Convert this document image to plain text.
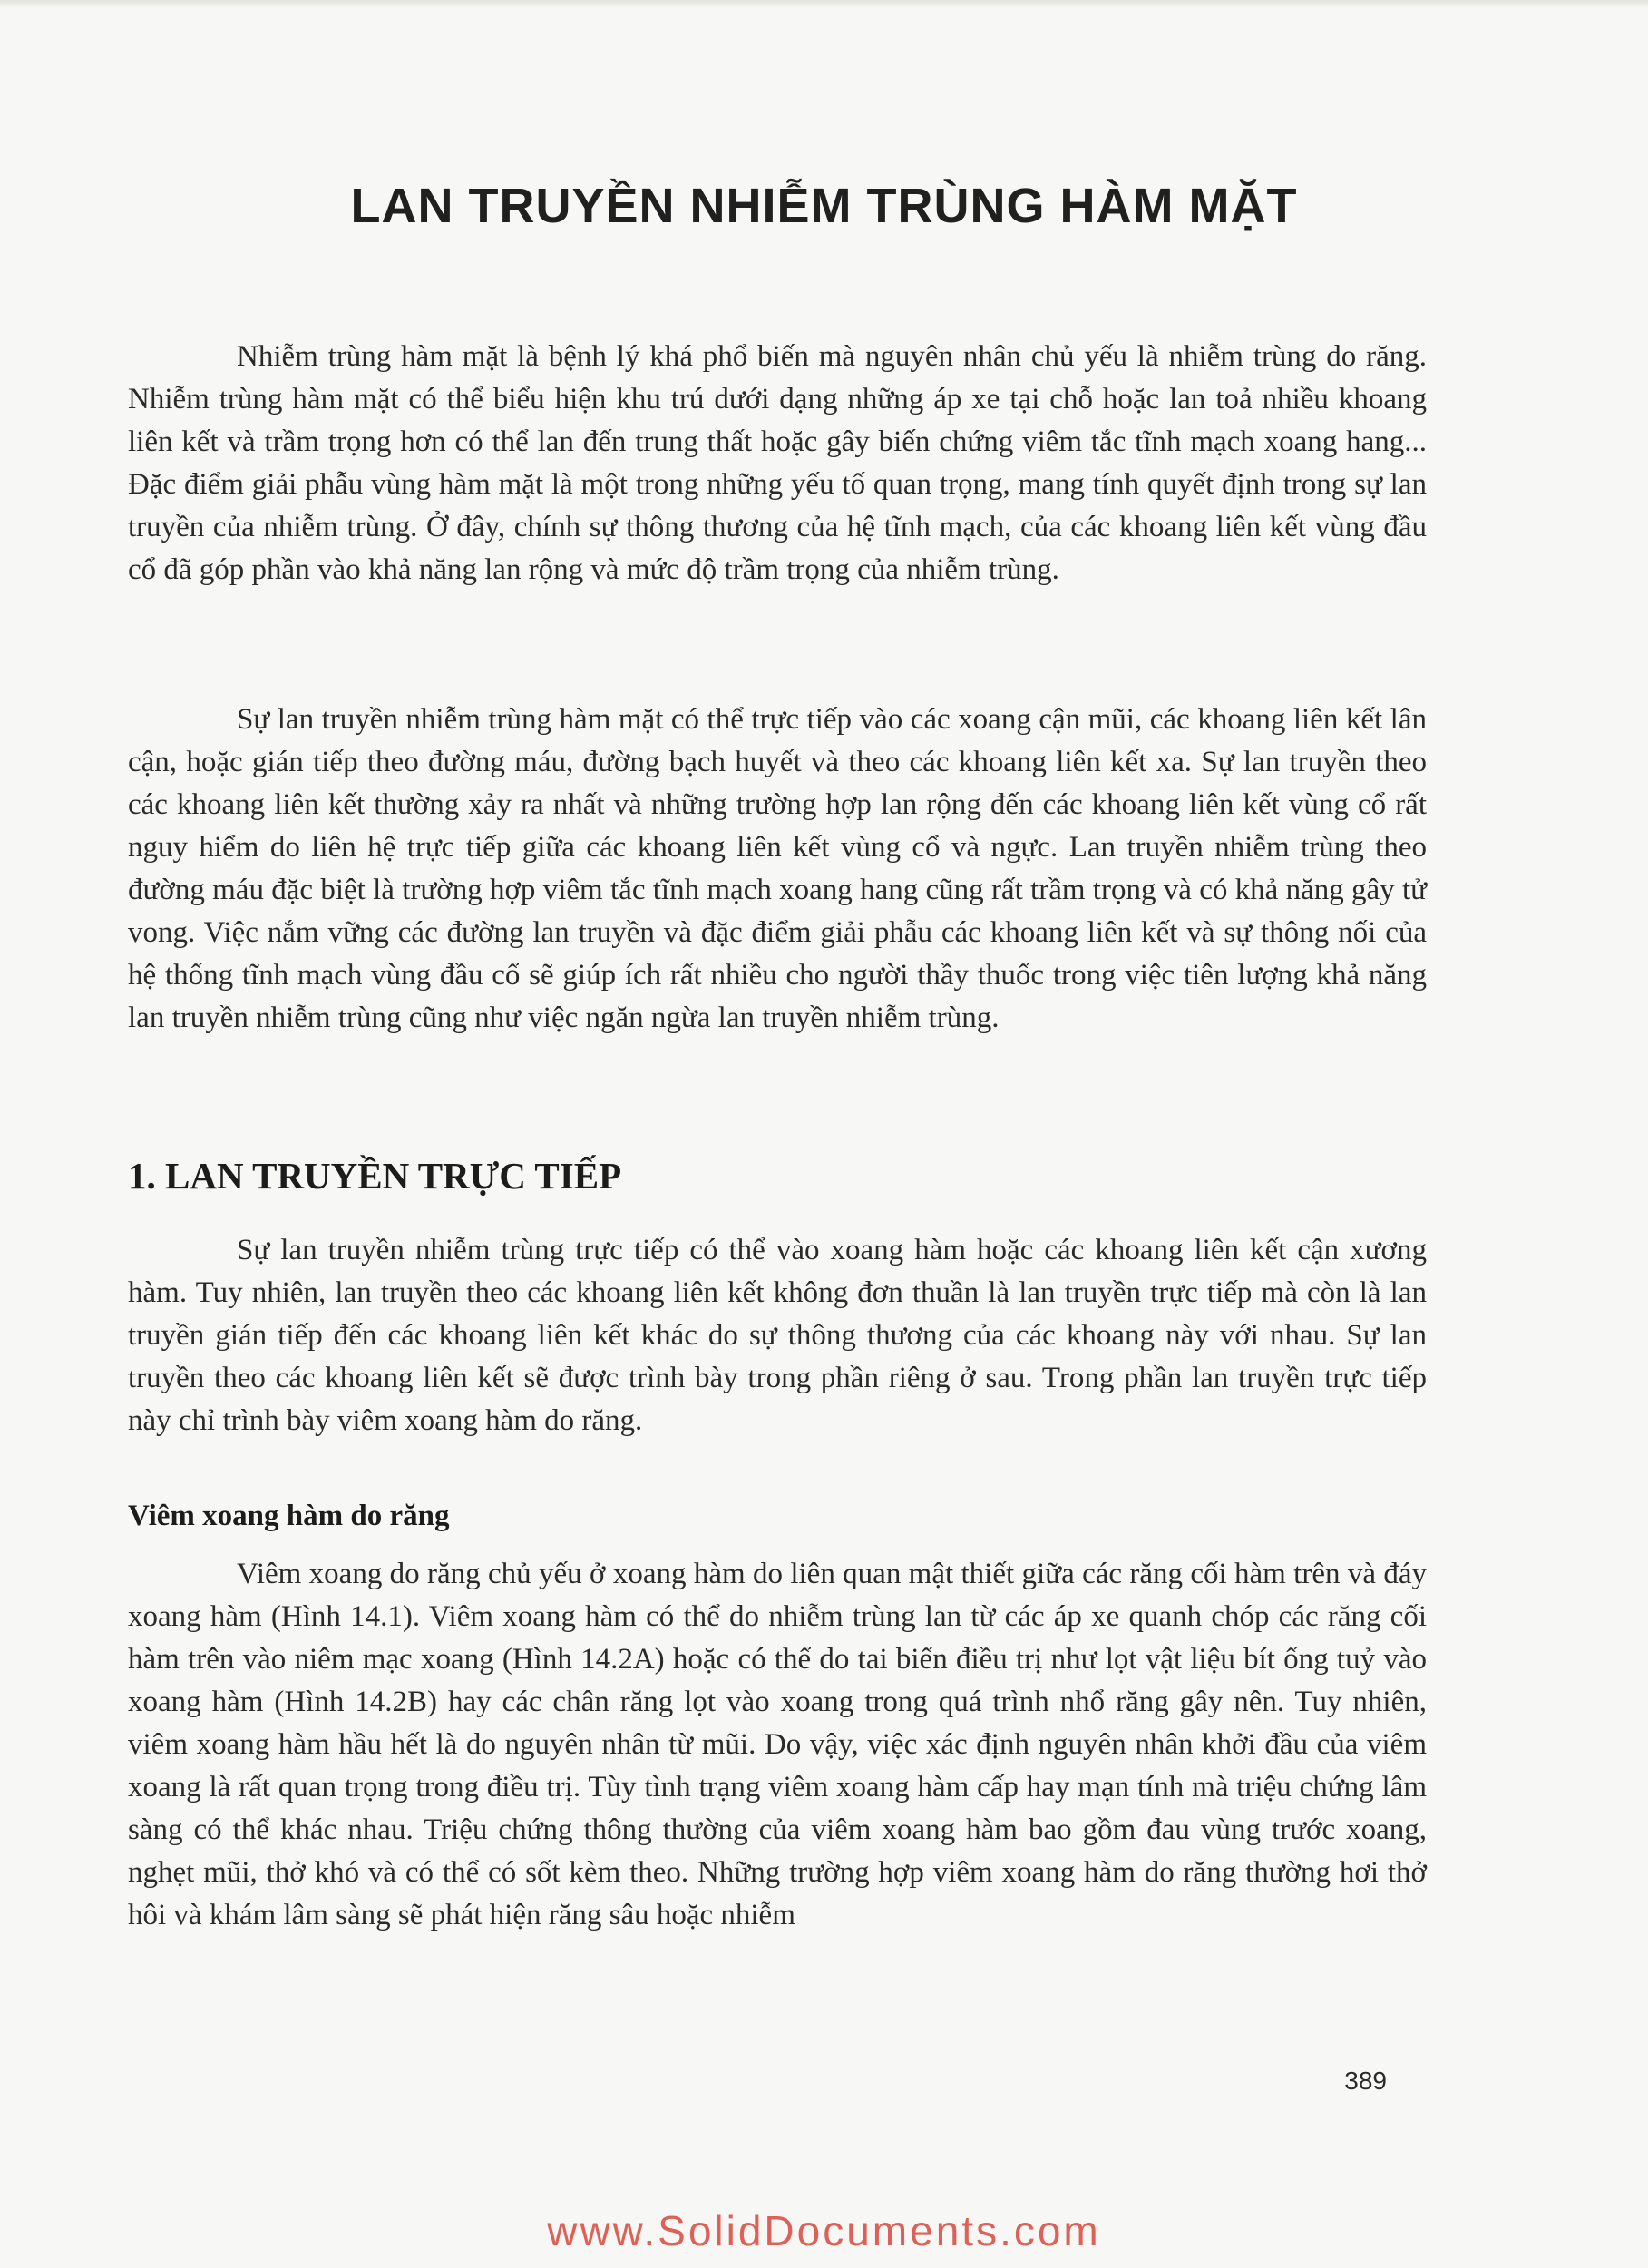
LAN TRUYỀN NHIỄM TRÙNG HÀM MẶT

Nhiễm trùng hàm mặt là bệnh lý khá phổ biến mà nguyên nhân chủ yếu là nhiễm trùng do răng. Nhiễm trùng hàm mặt có thể biểu hiện khu trú dưới dạng những áp xe tại chỗ hoặc lan toả nhiều khoang liên kết và trầm trọng hơn có thể lan đến trung thất hoặc gây biến chứng viêm tắc tĩnh mạch xoang hang... Đặc điểm giải phẫu vùng hàm mặt là một trong những yếu tố quan trọng, mang tính quyết định trong sự lan truyền của nhiễm trùng. Ở đây, chính sự thông thương của hệ tĩnh mạch, của các khoang liên kết vùng đầu cổ đã góp phần vào khả năng lan rộng và mức độ trầm trọng của nhiễm trùng.

Sự lan truyền nhiễm trùng hàm mặt có thể trực tiếp vào các xoang cận mũi, các khoang liên kết lân cận, hoặc gián tiếp theo đường máu, đường bạch huyết và theo các khoang liên kết xa. Sự lan truyền theo các khoang liên kết thường xảy ra nhất và những trường hợp lan rộng đến các khoang liên kết vùng cổ rất nguy hiểm do liên hệ trực tiếp giữa các khoang liên kết vùng cổ và ngực. Lan truyền nhiễm trùng theo đường máu đặc biệt là trường hợp viêm tắc tĩnh mạch xoang hang cũng rất trầm trọng và có khả năng gây tử vong. Việc nắm vững các đường lan truyền và đặc điểm giải phẫu các khoang liên kết và sự thông nối của hệ thống tĩnh mạch vùng đầu cổ sẽ giúp ích rất nhiều cho người thầy thuốc trong việc tiên lượng khả năng lan truyền nhiễm trùng cũng như việc ngăn ngừa lan truyền nhiễm trùng.

1. LAN TRUYỀN TRỰC TIẾP

Sự lan truyền nhiễm trùng trực tiếp có thể vào xoang hàm hoặc các khoang liên kết cận xương hàm. Tuy nhiên, lan truyền theo các khoang liên kết không đơn thuần là lan truyền trực tiếp mà còn là lan truyền gián tiếp đến các khoang liên kết khác do sự thông thương của các khoang này với nhau. Sự lan truyền theo các khoang liên kết sẽ được trình bày trong phần riêng ở sau. Trong phần lan truyền trực tiếp này chỉ trình bày viêm xoang hàm do răng.

Viêm xoang hàm do răng

Viêm xoang do răng chủ yếu ở xoang hàm do liên quan mật thiết giữa các răng cối hàm trên và đáy xoang hàm (Hình 14.1). Viêm xoang hàm có thể do nhiễm trùng lan từ các áp xe quanh chóp các răng cối hàm trên vào niêm mạc xoang (Hình 14.2A) hoặc có thể do tai biến điều trị như lọt vật liệu bít ống tuỷ vào xoang hàm (Hình 14.2B) hay các chân răng lọt vào xoang trong quá trình nhổ răng gây nên. Tuy nhiên, viêm xoang hàm hầu hết là do nguyên nhân từ mũi. Do vậy, việc xác định nguyên nhân khởi đầu của viêm xoang là rất quan trọng trong điều trị. Tùy tình trạng viêm xoang hàm cấp hay mạn tính mà triệu chứng lâm sàng có thể khác nhau. Triệu chứng thông thường của viêm xoang hàm bao gồm đau vùng trước xoang, nghẹt mũi, thở khó và có thể có sốt kèm theo. Những trường hợp viêm xoang hàm do răng thường hơi thở hôi và khám lâm sàng sẽ phát hiện răng sâu hoặc nhiễm

389
www.SolidDocuments.com
